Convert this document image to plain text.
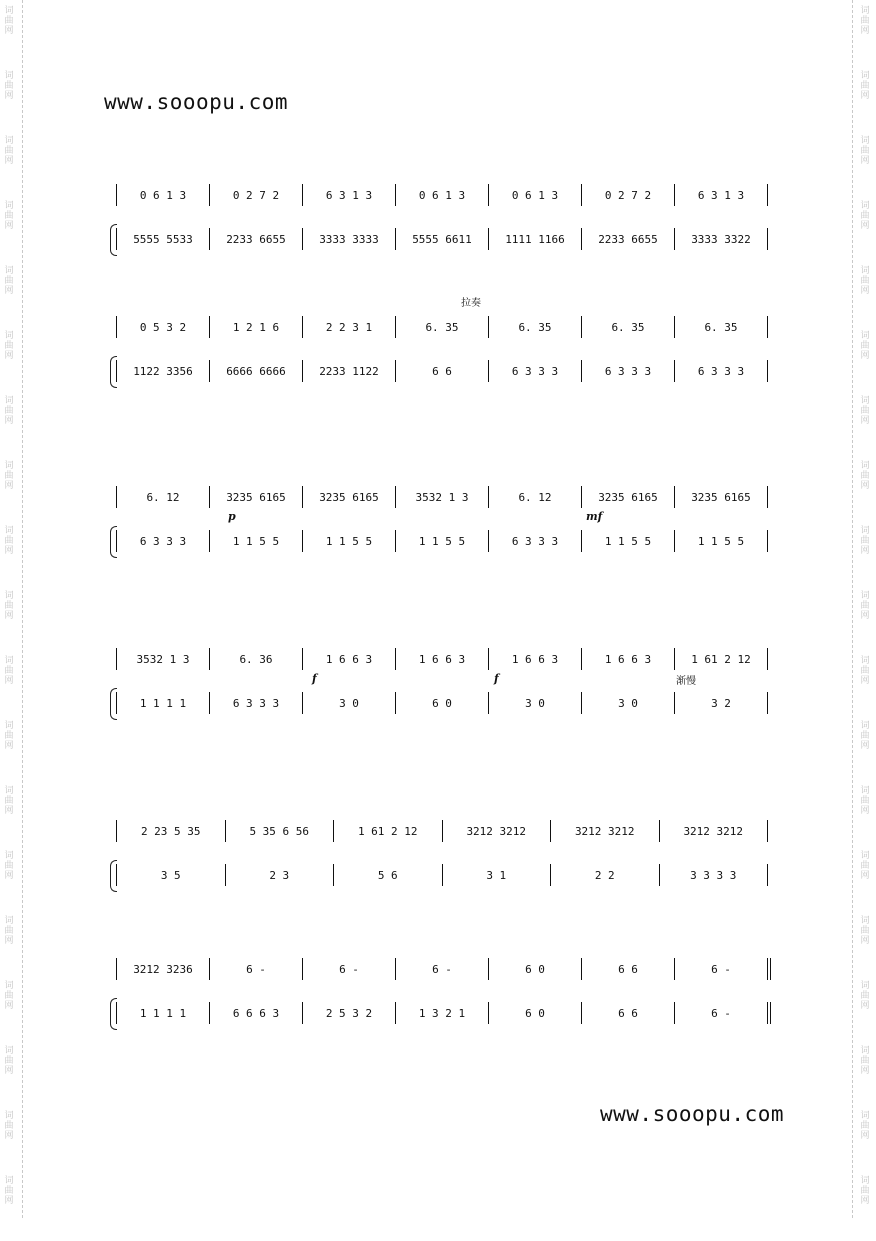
词
曲
网
词
曲
网
词
曲
网
词
曲
网
词
曲
网
词
曲
网
词
曲
网
词
曲
网
词
曲
网
词
曲
网
词
曲
网
词
曲
网
词
曲
网
词
曲
网
词
曲
网
词
曲
网
词
曲
网
词
曲
网
词
曲
网
词
曲
网
词
曲
网
词
曲
网
词
曲
网
词
曲
网
词
曲
网
词
曲
网
词
曲
网
词
曲
网
词
曲
网
词
曲
网
词
曲
网
词
曲
网
词
曲
网
词
曲
网
词
曲
网
词
曲
网
词
曲
网
词
曲
网
www.sooopu.com
0 6 1 3	0 2 7 2	6 3 1 3	0 6 1 3	0 6 1 3	0 2 7 2	6 3 1 3
5555 5533	2233 6655	3333 3333	5555 6611	1111 1166	2233 6655	3333 3322
0 5 3 2	1 2 1 6	2 2 3 1	6. 35	6. 35	6. 35	6. 35
1122 3356	6666 6666	2233 1122	6 6	6 3 3 3	6 3 3 3	6 3 3 3
拉奏
6. 12	3235 6165	3235 6165	3532 1 3	6. 12	3235 6165	3235 6165
6 3 3 3	1 1 5 5	1 1 5 5	1 1 5 5	6 3 3 3	1 1 5 5	1 1 5 5
p	mf
3532 1 3	6. 36	1 6 6 3	1 6 6 3	1 6 6 3	1 6 6 3	1 61 2 12
1 1 1 1	6 3 3 3	3 0	6 0	3 0	3 0	3 2
渐慢
f	f
2 23 5 35	5 35 6 56	1 61 2 12	3212 3212	3212 3212	3212 3212
3 5	2 3	5 6	3 1	2 2	3 3 3 3
3212 3236	6 -	6 -	6 -	6 0	6 6	6 -
1 1 1 1	6 6 6 3	2 5 3 2	1 3 2 1	6 0	6 6	6 -
www.sooopu.com
